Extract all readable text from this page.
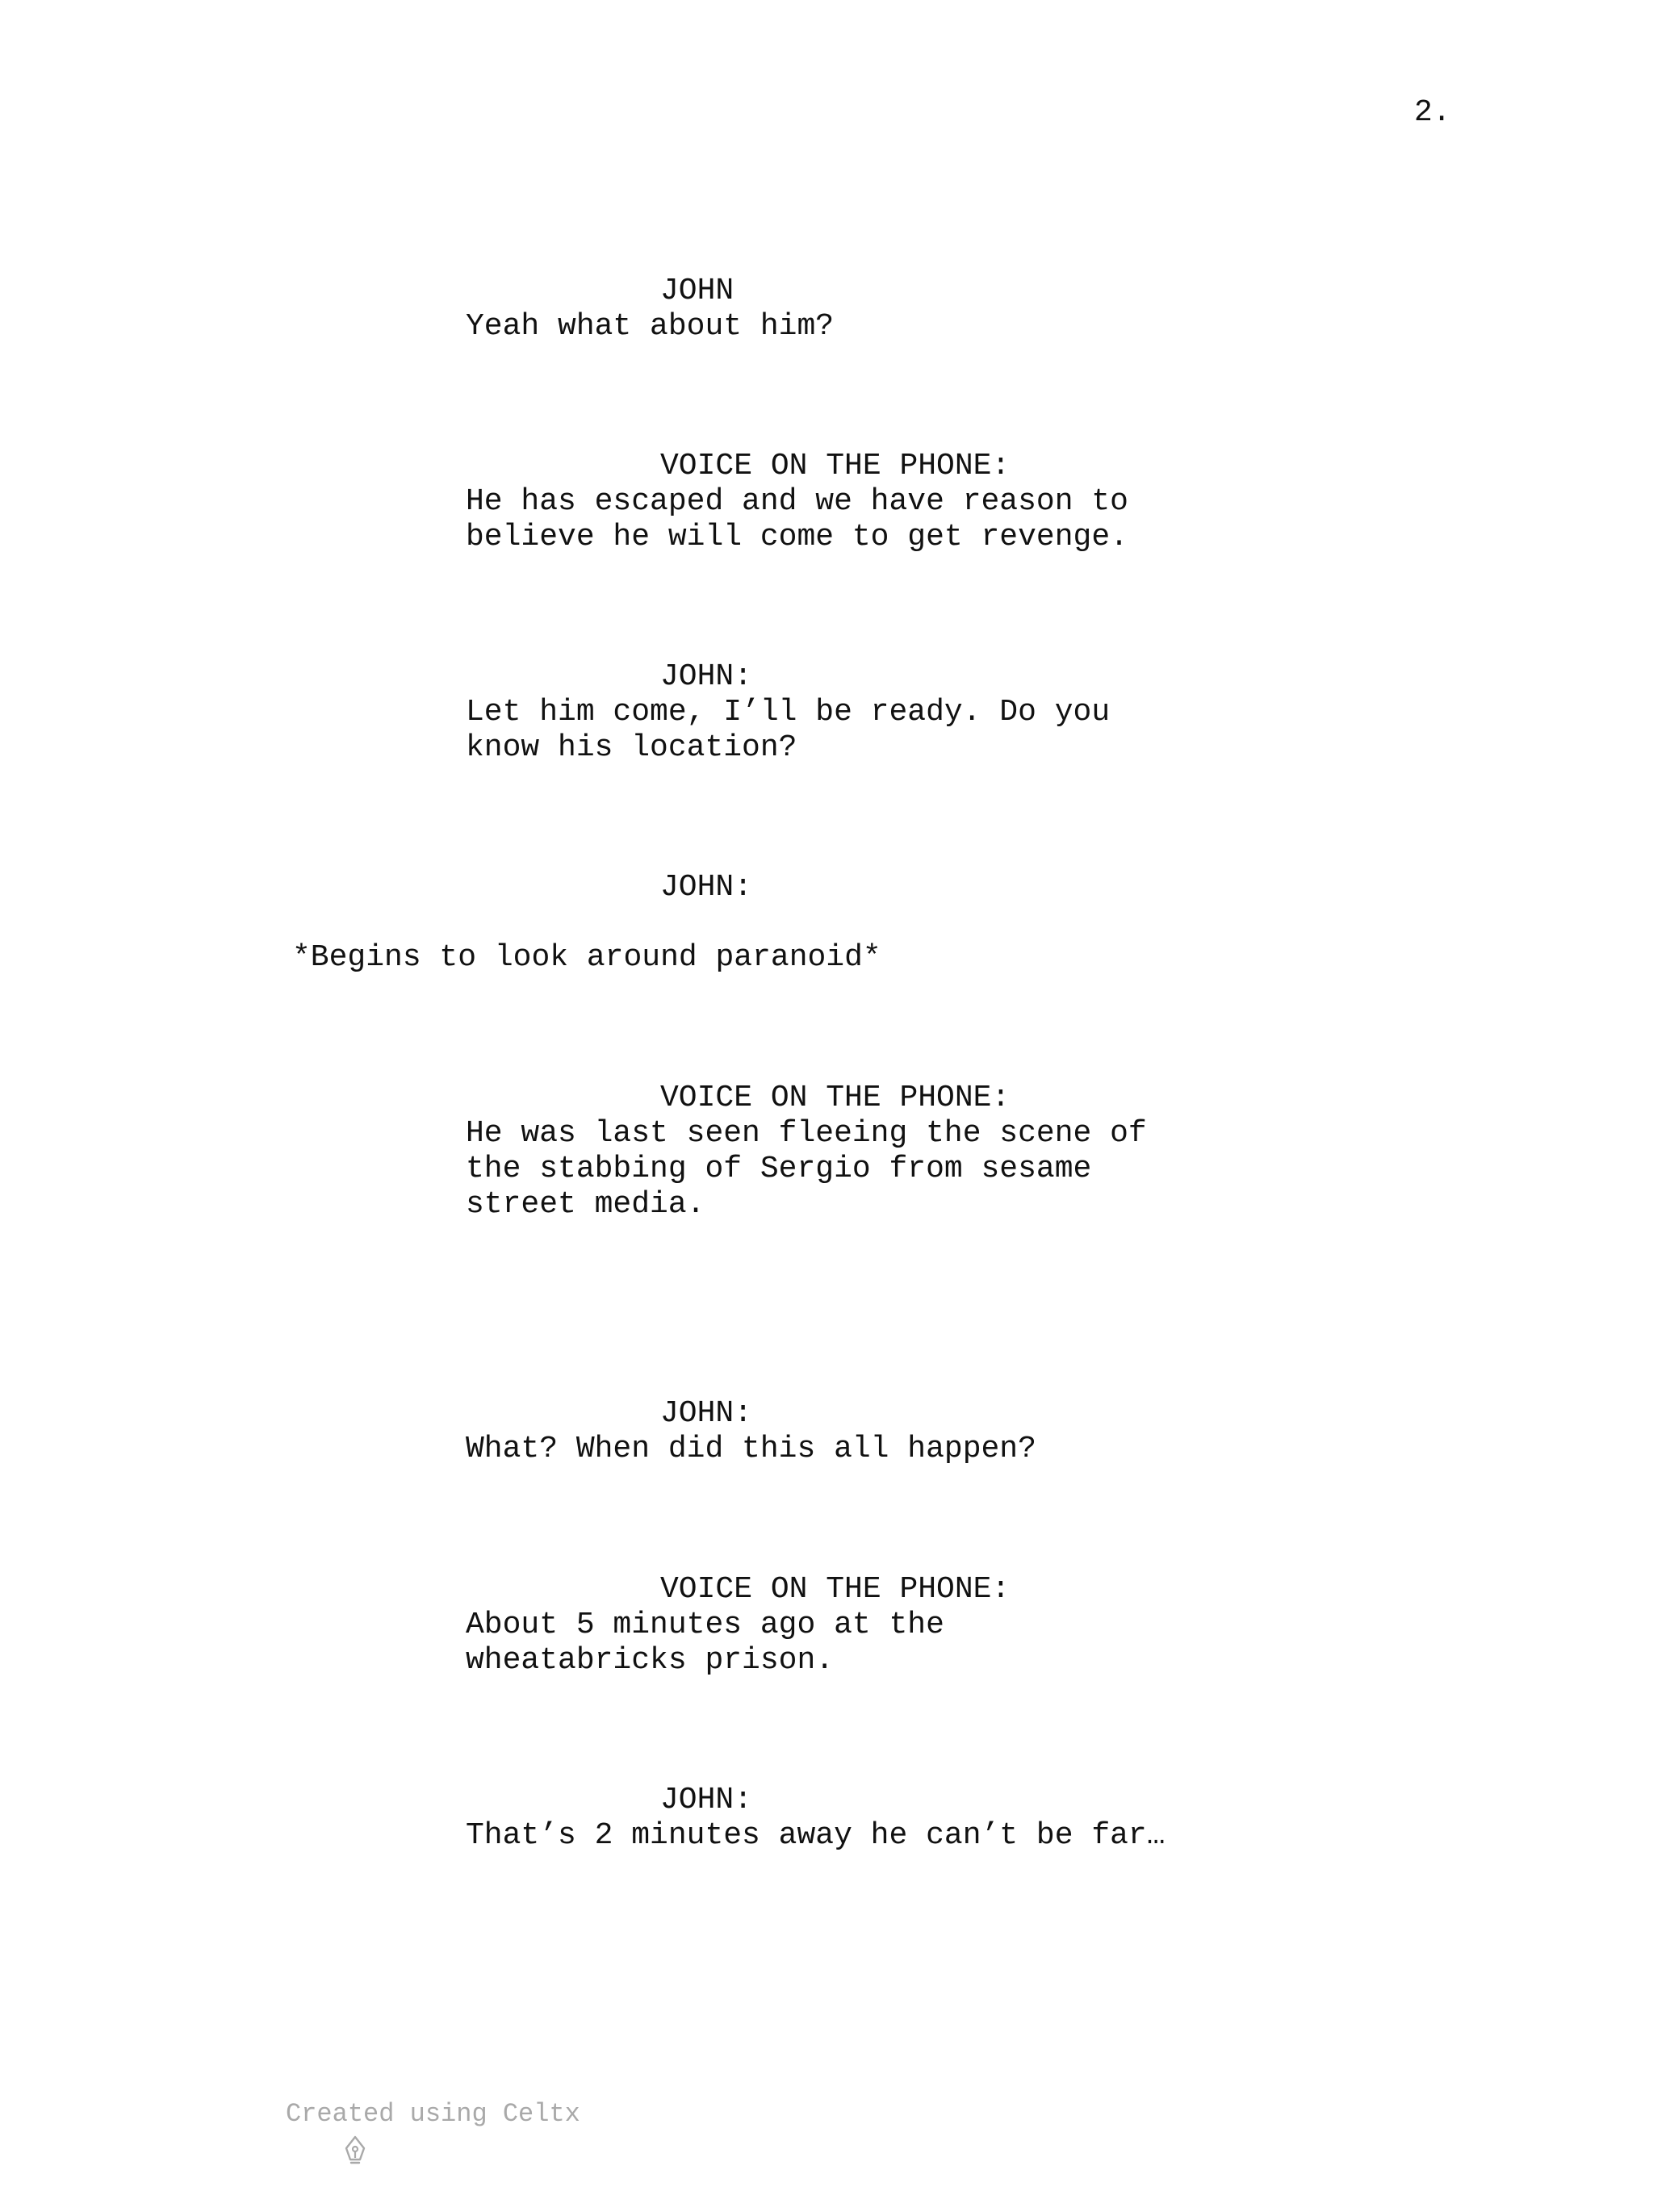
2.
JOHN
Yeah what about him?
VOICE ON THE PHONE:
He has escaped and we have reason to
believe he will come to get revenge.
JOHN:
Let him come, I’ll be ready. Do you
know his location?
JOHN:
*Begins to look around paranoid*
VOICE ON THE PHONE:
He was last seen fleeing the scene of
the stabbing of Sergio from sesame
street media.
JOHN:
What? When did this all happen?
VOICE ON THE PHONE:
About 5 minutes ago at the
wheatabricks prison.
JOHN:
That’s 2 minutes away he can’t be far…

Created using Celtx
